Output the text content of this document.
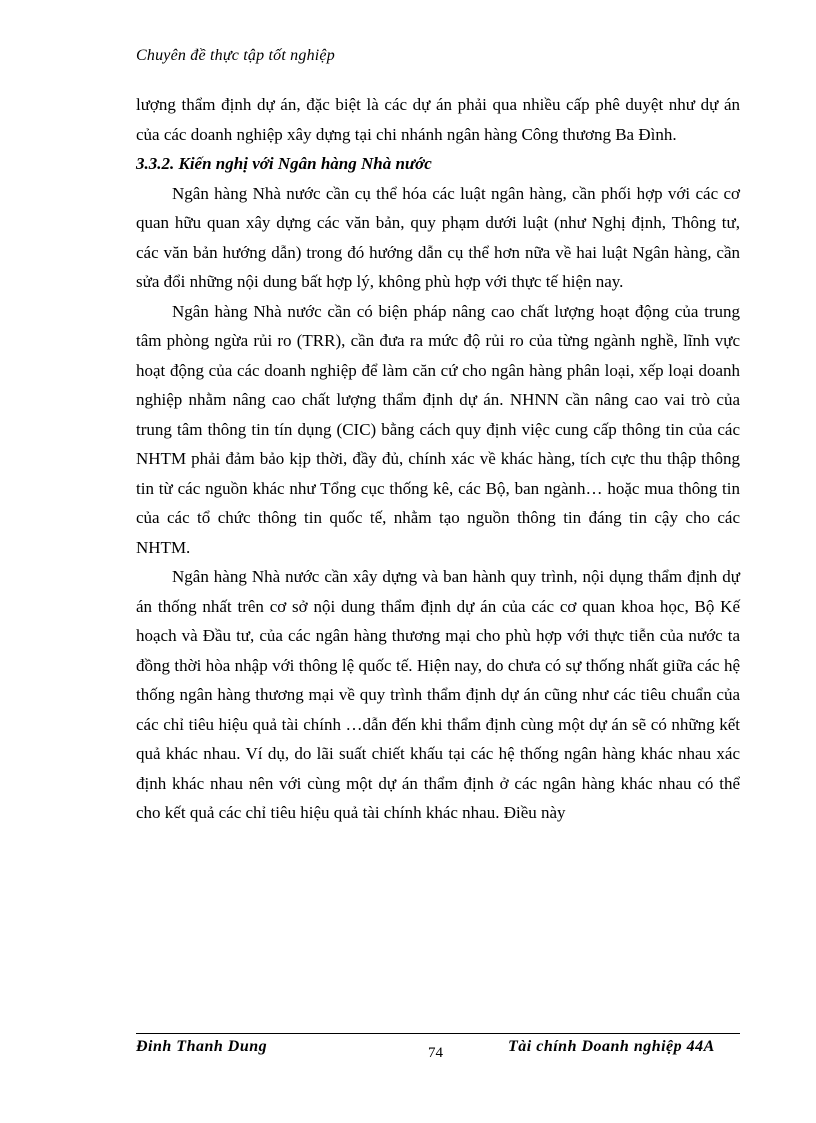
Chuyên đề thực tập tốt nghiệp

lượng thẩm định dự án, đặc biệt là các dự án phải qua nhiều cấp phê duyệt như dự án của các doanh nghiệp xây dựng tại chi nhánh ngân hàng Công thương Ba Đình.

3.3.2. Kiến nghị với Ngân hàng Nhà nước

Ngân hàng Nhà nước cần cụ thể hóa các luật ngân hàng, cần phối hợp với các cơ quan hữu quan xây dựng các văn bản, quy phạm dưới luật (như Nghị định, Thông tư, các văn bản hướng dẫn) trong đó hướng dẫn cụ thể hơn nữa về hai luật Ngân hàng, cần sửa đổi những nội dung bất hợp lý, không phù hợp với thực tế hiện nay.

Ngân hàng Nhà nước cần có biện pháp nâng cao chất lượng hoạt động của trung tâm phòng ngừa rủi ro (TRR), cần đưa ra mức độ rủi ro của từng ngành nghề, lĩnh vực hoạt động của các doanh nghiệp để làm căn cứ cho ngân hàng phân loại, xếp loại doanh nghiệp nhằm nâng cao chất lượng thẩm định dự án. NHNN cần nâng cao vai trò của trung tâm thông tin tín dụng (CIC) bằng cách quy định việc cung cấp thông tin của các NHTM phải đảm bảo kịp thời, đầy đủ, chính xác về khác hàng, tích cực thu thập thông tin từ các nguồn khác như Tổng cục thống kê, các Bộ, ban ngành… hoặc mua thông tin của các tổ chức thông tin quốc tế, nhằm tạo nguồn thông tin đáng tin cậy cho các NHTM.

Ngân hàng Nhà nước cần xây dựng và ban hành quy trình, nội dụng thẩm định dự án thống nhất trên cơ sở nội dung thẩm định dự án của các cơ quan khoa học, Bộ Kế hoạch và Đầu tư, của các ngân hàng thương mại cho phù hợp với thực tiễn của nước ta đồng thời hòa nhập với thông lệ quốc tế. Hiện nay, do chưa có sự thống nhất giữa các hệ thống ngân hàng thương mại về quy trình thẩm định dự án cũng như các tiêu chuẩn của các chỉ tiêu hiệu quả tài chính …dẫn đến khi thẩm định cùng một dự án sẽ có những kết quả khác nhau. Ví dụ, do lãi suất chiết khấu tại các hệ thống ngân hàng khác nhau xác định khác nhau nên với cùng một dự án thẩm định ở các ngân hàng khác nhau có thể cho kết quả các chỉ tiêu hiệu quả tài chính khác nhau. Điều này

Đinh Thanh Dung	74	Tài chính Doanh nghiệp 44A
